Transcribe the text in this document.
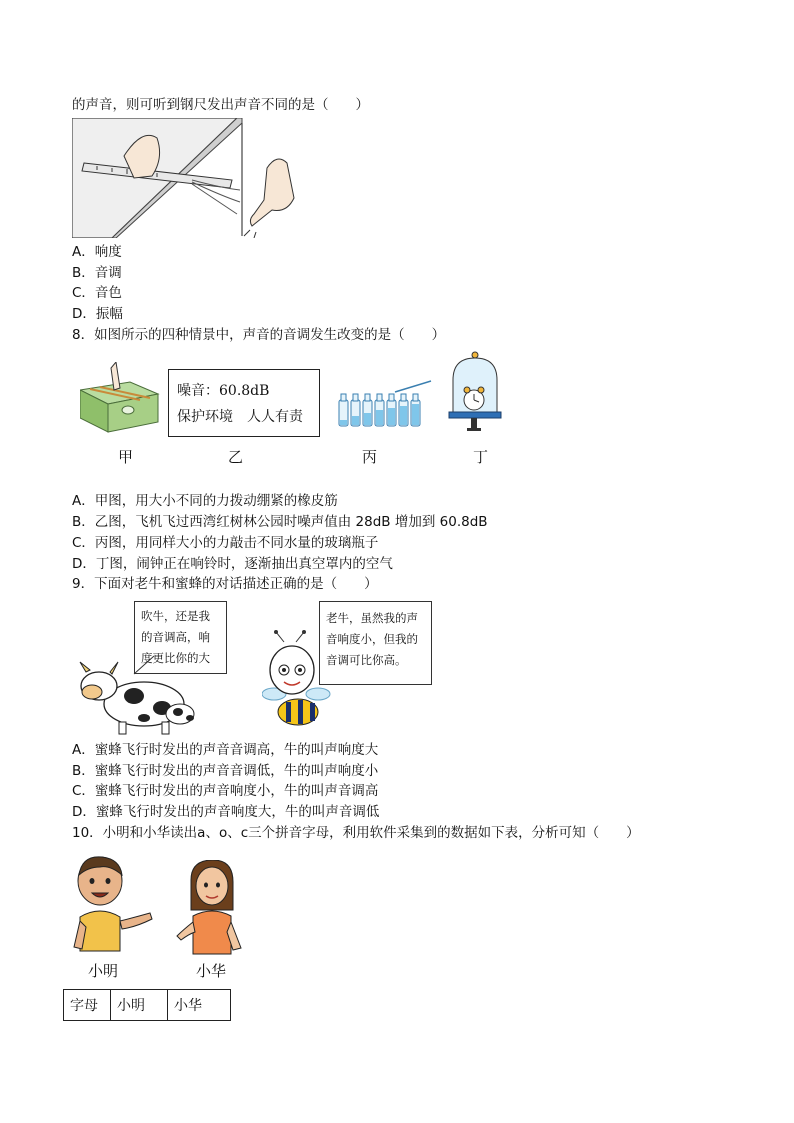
的声音，则可听到钢尺发出声音不同的是（　　）
A．响度
B．音调
C．音色
D．振幅
8．如图所示的四种情景中，声音的音调发生改变的是（　　）
噪音：60.8dB
保护环境　人人有责
甲	乙	丙	丁
A．甲图，用大小不同的力拨动绷紧的橡皮筋
B．乙图，飞机飞过西湾红树林公园时噪声值由 28dB 增加到 60.8dB
C．丙图，用同样大小的力敲击不同水量的玻璃瓶子
D．丁图，闹钟正在响铃时，逐渐抽出真空罩内的空气
9．下面对老牛和蜜蜂的对话描述正确的是（　　）
吹牛，还是我
的音调高，响
度更比你的大
老牛，虽然我的声
音响度小，但我的
音调可比你高。
A．蜜蜂飞行时发出的声音音调高，牛的叫声响度大
B．蜜蜂飞行时发出的声音音调低，牛的叫声响度小
C．蜜蜂飞行时发出的声音响度小，牛的叫声音调高
D．蜜蜂飞行时发出的声音响度大，牛的叫声音调低
10．小明和小华读出a、o、c三个拼音字母，利用软件采集到的数据如下表，分析可知（　　）
小明	小华
字母	小明	小华
